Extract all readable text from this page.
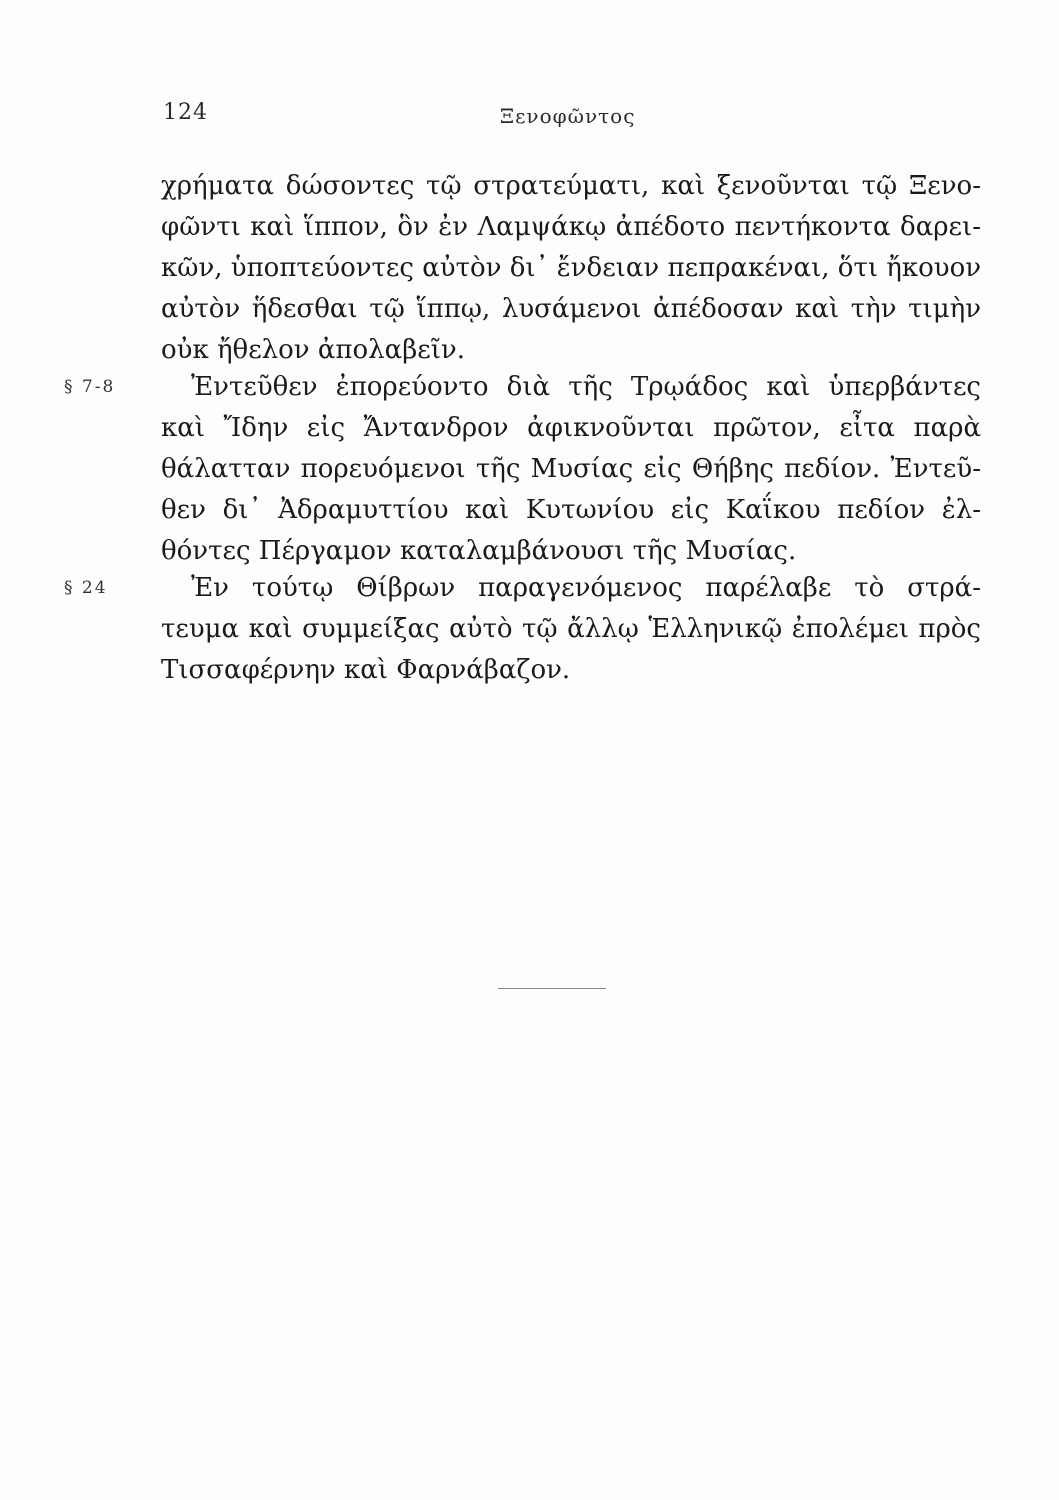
124	Ξενοφῶντος
χρήματα δώσοντες τῷ στρατεύματι, καὶ ξενοῦνται τῷ Ξενο-
φῶντι καὶ ἵππον, ὃν ἐν Λαμψάκῳ ἀπέδοτο πεντήκοντα δαρει-
κῶν, ὑποπτεύοντες αὐτὸν δι᾽ ἔνδειαν πεπρακέναι, ὅτι ἤκουον
αὐτὸν ἥδεσθαι τῷ ἵππῳ, λυσάμενοι ἀπέδοσαν καὶ τὴν τιμὴν
οὐκ ἤθελον ἀπολαβεῖν.
§ 7-8	Ἐντεῦθεν ἐπορεύοντο διὰ τῆς Τρῳάδος καὶ ὑπερβάντες
καὶ Ἴδην εἰς Ἄντανδρον ἀφικνοῦνται πρῶτον, εἶτα παρὰ
θάλατταν πορευόμενοι τῆς Μυσίας εἰς Θήβης πεδίον. Ἐντεῦ-
θεν δι᾽ Ἀδραμυττίου καὶ Κυτωνίου εἰς Καΐκου πεδίον ἐλ-
θόντες Πέργαμον καταλαμβάνουσι τῆς Μυσίας.
§ 24	Ἐν τούτῳ Θίβρων παραγενόμενος παρέλαβε τὸ στρά-
τευμα καὶ συμμείξας αὐτὸ τῷ ἄλλῳ Ἑλληνικῷ ἐπολέμει πρὸς
Τισσαφέρνην καὶ Φαρνάβαζον.
